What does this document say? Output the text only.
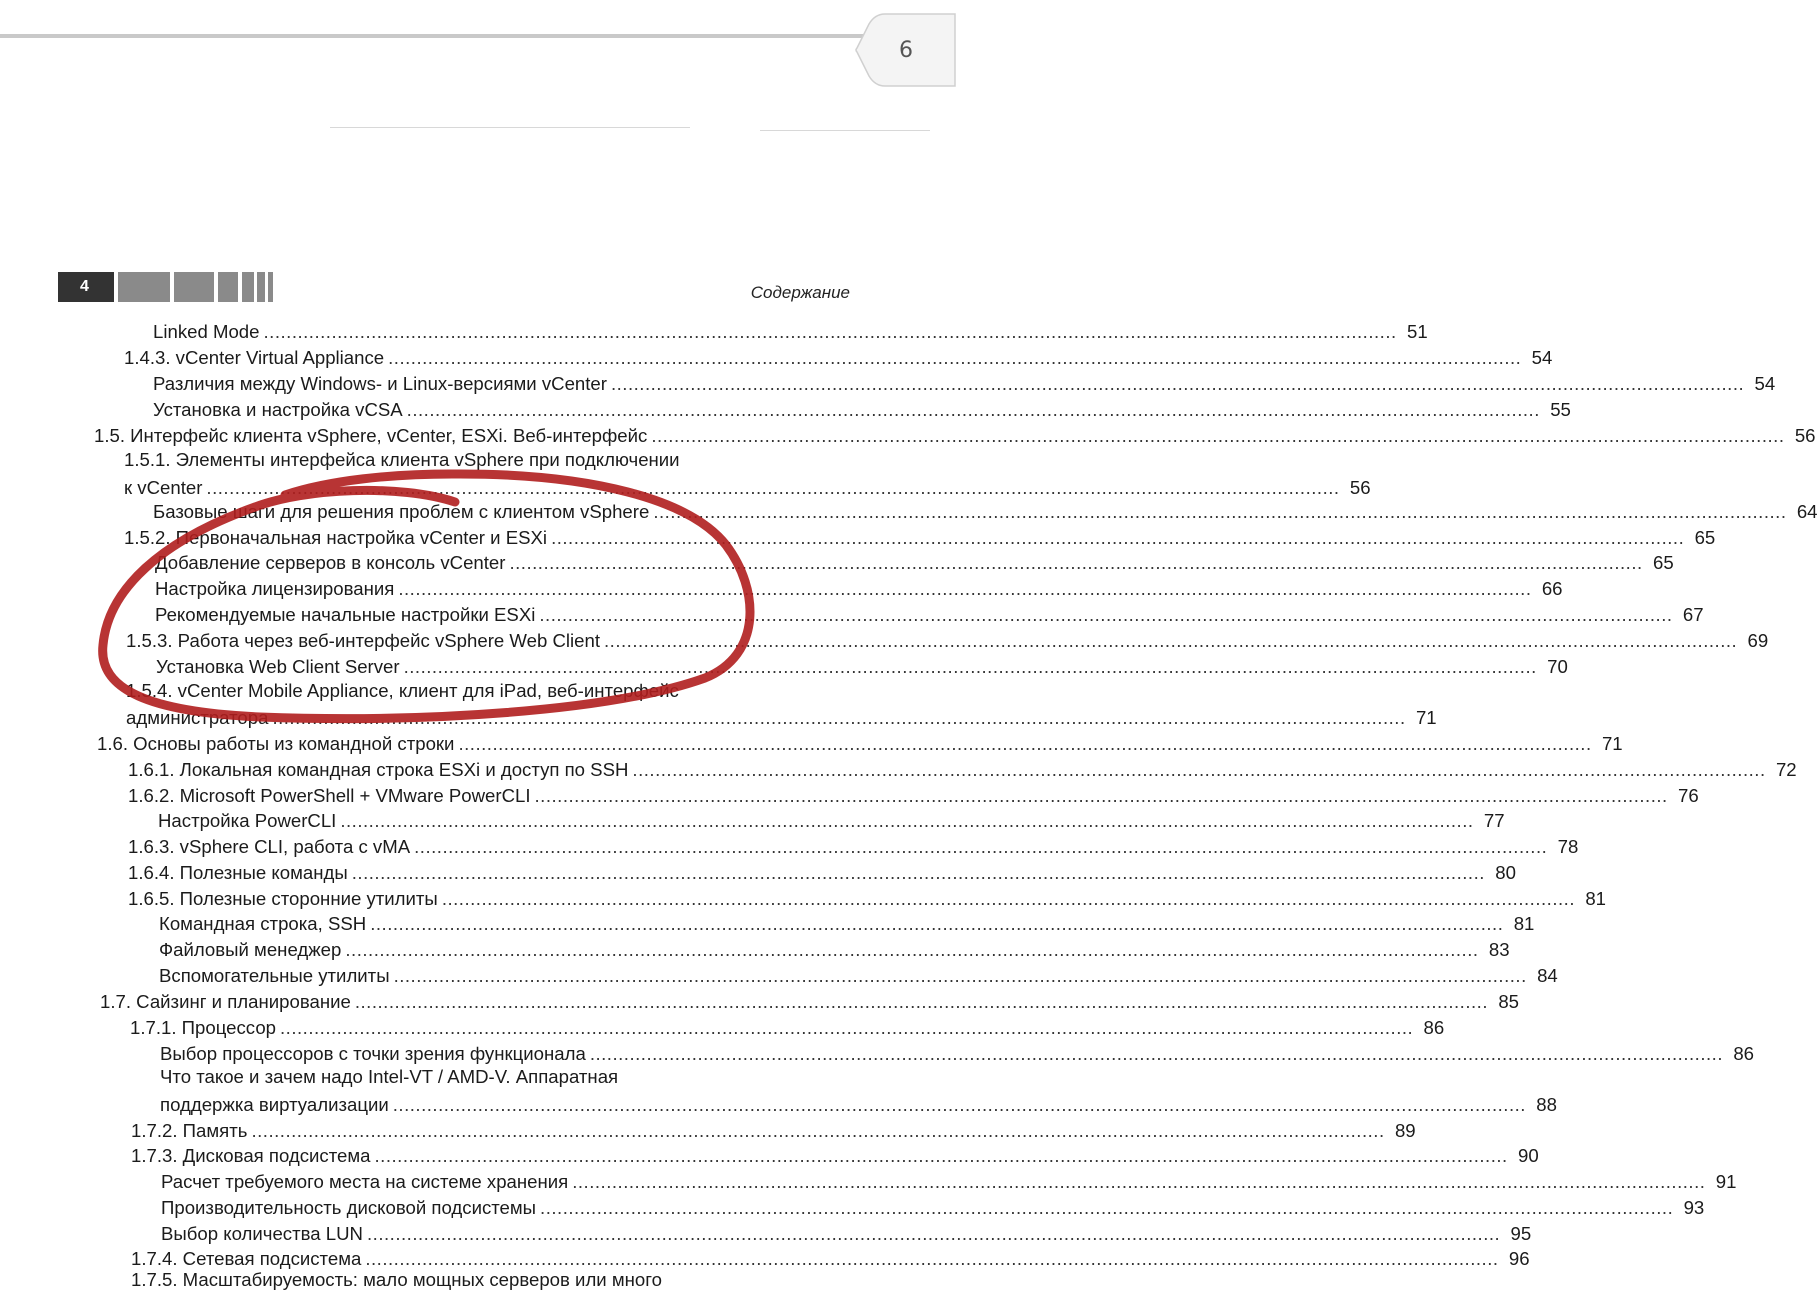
6
4	Содержание
Linked Mode ........................................................................................................................................................................................................ 51
1.4.3. vCenter Virtual Appliance ........................................................................................................................................................................................................ 54
Различия между Windows- и Linux-версиями vCenter ........................................................................................................................................................................................................ 54
Установка и настройка vCSA ........................................................................................................................................................................................................ 55
1.5. Интерфейс клиента vSphere, vCenter, ESXi. Веб-интерфейс ........................................................................................................................................................................................................ 56
1.5.1. Элементы интерфейса клиента vSphere при подключении
к vCenter ........................................................................................................................................................................................................ 56
Базовые шаги для решения проблем с клиентом vSphere ........................................................................................................................................................................................................ 64
1.5.2. Первоначальная настройка vCenter и ESXi ........................................................................................................................................................................................................ 65
Добавление серверов в консоль vCenter ........................................................................................................................................................................................................ 65
Настройка лицензирования ........................................................................................................................................................................................................ 66
Рекомендуемые начальные настройки ESXi ........................................................................................................................................................................................................ 67
1.5.3. Работа через веб-интерфейс vSphere Web Client ........................................................................................................................................................................................................ 69
Установка Web Client Server ........................................................................................................................................................................................................ 70
1.5.4. vCenter Mobile Appliance, клиент для iPad, веб-интерфейс
администратора ........................................................................................................................................................................................................ 71
1.6. Основы работы из командной строки ........................................................................................................................................................................................................ 71
1.6.1. Локальная командная строка ESXi и доступ по SSH ........................................................................................................................................................................................................ 72
1.6.2. Microsoft PowerShell + VMware PowerCLI ........................................................................................................................................................................................................ 76
Настройка PowerCLI ........................................................................................................................................................................................................ 77
1.6.3. vSphere CLI, работа с vMA ........................................................................................................................................................................................................ 78
1.6.4. Полезные команды ........................................................................................................................................................................................................ 80
1.6.5. Полезные сторонние утилиты ........................................................................................................................................................................................................ 81
Командная строка, SSH ........................................................................................................................................................................................................ 81
Файловый менеджер ........................................................................................................................................................................................................ 83
Вспомогательные утилиты ........................................................................................................................................................................................................ 84
1.7. Сайзинг и планирование ........................................................................................................................................................................................................ 85
1.7.1. Процессор ........................................................................................................................................................................................................ 86
Выбор процессоров с точки зрения функционала ........................................................................................................................................................................................................ 86
Что такое и зачем надо Intel-VT / AMD-V. Аппаратная
поддержка виртуализации ........................................................................................................................................................................................................ 88
1.7.2. Память ........................................................................................................................................................................................................ 89
1.7.3. Дисковая подсистема ........................................................................................................................................................................................................ 90
Расчет требуемого места на системе хранения ........................................................................................................................................................................................................ 91
Производительность дисковой подсистемы ........................................................................................................................................................................................................ 93
Выбор количества LUN ........................................................................................................................................................................................................ 95
1.7.4. Сетевая подсистема ........................................................................................................................................................................................................ 96
1.7.5. Масштабируемость: мало мощных серверов или много
